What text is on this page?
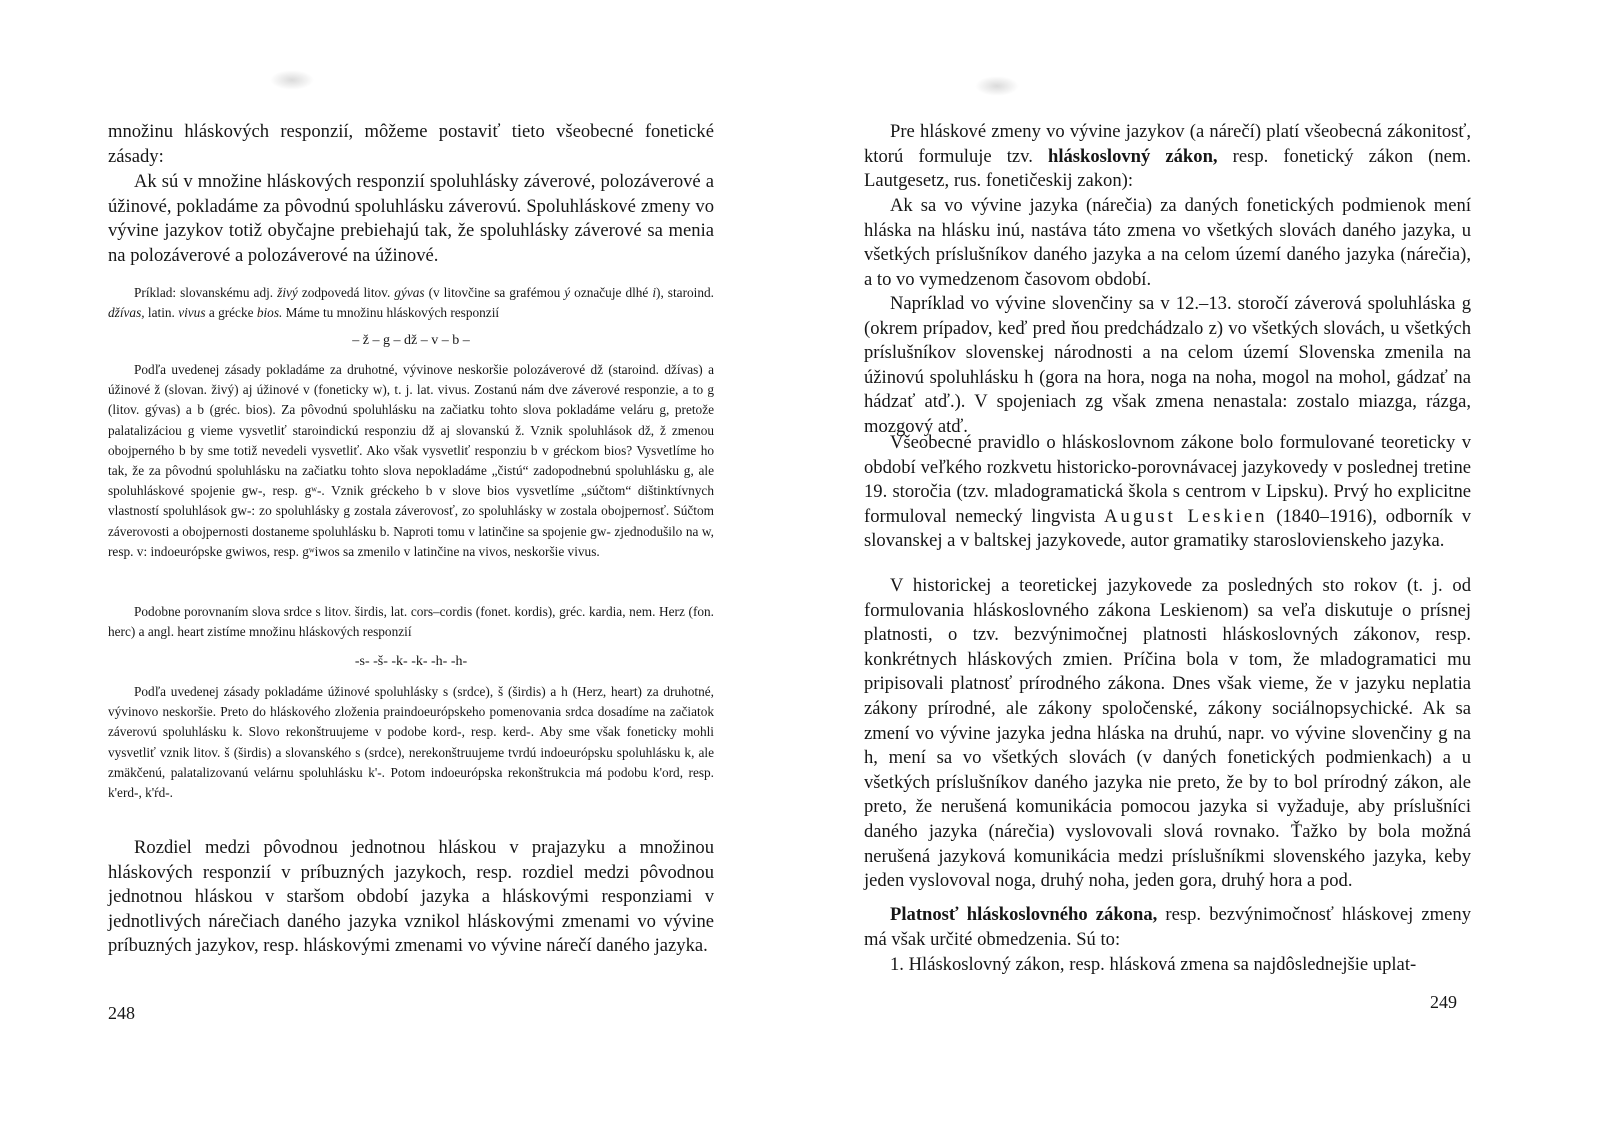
množinu hláskových responzií, môžeme postaviť tieto všeobecné fonetické zásady:

Ak sú v množine hláskových responzií spoluhlásky záverové, polozáverové a úžinové, pokladáme za pôvodnú spoluhlásku záverovú. Spoluhláskové zmeny vo vývine jazykov totiž obyčajne prebiehajú tak, že spoluhlásky záverové sa menia na polozáverové a polozáverové na úžinové.

Príklad: slovanskému adj. živý zodpovedá litov. gývas (v litovčine sa grafémou ý označuje dlhé i), staroind. džívas, latin. vivus a grécke bios. Máme tu množinu hláskových responzií

– ž – g – dž – v – b –

Podľa uvedenej zásady pokladáme za druhotné, vývinove neskoršie polozáverové dž (staroind. džívas) a úžinové ž (slovan. živý) aj úžinové v (foneticky w), t. j. lat. vivus. Zostanú nám dve záverové responzie, a to g (litov. gývas) a b (gréc. bios). Za pôvodnú spoluhlásku na začiatku tohto slova pokladáme veláru g, pretože palatalizáciou g vieme vysvetliť staroindickú responziu dž aj slovanskú ž. Vznik spoluhlások dž, ž zmenou obojperného b by sme totiž nevedeli vysvetliť. Ako však vysvetliť responziu b v gréckom bios? Vysvetlíme ho tak, že za pôvodnú spoluhlásku na začiatku tohto slova nepokladáme „čistú“ zadopodnebnú spoluhlásku g, ale spoluhláskové spojenie gw-, resp. gʷ-. Vznik gréckeho b v slove bios vysvetlíme „súčtom“ dištinktívnych vlastností spoluhlások gw-: zo spoluhlásky g zostala záverovosť, zo spoluhlásky w zostala obojpernosť. Súčtom záverovosti a obojpernosti dostaneme spoluhlásku b. Naproti tomu v latinčine sa spojenie gw- zjednodušilo na w, resp. v: indoeurópske gwiwos, resp. gʷiwos sa zmenilo v latinčine na vivos, neskoršie vivus.

Podobne porovnaním slova srdce s litov. širdis, lat. cors–cordis (fonet. kordis), gréc. kardia, nem. Herz (fon. herc) a angl. heart zistíme množinu hláskových responzií

-s- -š- -k- -k- -h- -h-

Podľa uvedenej zásady pokladáme úžinové spoluhlásky s (srdce), š (širdis) a h (Herz, heart) za druhotné, vývinovo neskoršie. Preto do hláskového zloženia praindoeurópskeho pomenovania srdca dosadíme na začiatok záverovú spoluhlásku k. Slovo rekonštruujeme v podobe kord-, resp. kerd-. Aby sme však foneticky mohli vysvetliť vznik litov. š (širdis) a slovanského s (srdce), nerekonštruujeme tvrdú indoeurópsku spoluhlásku k, ale zmäkčenú, palatalizovanú velárnu spoluhlásku k'-. Potom indoeurópska rekonštrukcia má podobu k'ord, resp. k'erd-, k'ŕd-.

Rozdiel medzi pôvodnou jednotnou hláskou v prajazyku a množinou hláskových responzií v príbuzných jazykoch, resp. rozdiel medzi pôvodnou jednotnou hláskou v staršom období jazyka a hláskovými responziami v jednotlivých nárečiach daného jazyka vznikol hláskovými zmenami vo vývine príbuzných jazykov, resp. hláskovými zmenami vo vývine nárečí daného jazyka.

248

Pre hláskové zmeny vo vývine jazykov (a nárečí) platí všeobecná zákonitosť, ktorú formuluje tzv. hláskoslovný zákon, resp. fonetický zákon (nem. Lautgesetz, rus. fonetičeskij zakon):

Ak sa vo vývine jazyka (nárečia) za daných fonetických podmienok mení hláska na hlásku inú, nastáva táto zmena vo všetkých slovách daného jazyka, u všetkých príslušníkov daného jazyka a na celom území daného jazyka (nárečia), a to vo vymedzenom časovom období.

Napríklad vo vývine slovenčiny sa v 12.–13. storočí záverová spoluhláska g (okrem prípadov, keď pred ňou predchádzalo z) vo všetkých slovách, u všetkých príslušníkov slovenskej národnosti a na celom území Slovenska zmenila na úžinovú spoluhlásku h (gora na hora, noga na noha, mogol na mohol, gádzať na hádzať atď.). V spojeniach zg však zmena nenastala: zostalo miazga, rázga, mozgový atď.

Všeobecné pravidlo o hláskoslovnom zákone bolo formulované teoreticky v období veľkého rozkvetu historicko-porovnávacej jazykovedy v poslednej tretine 19. storočia (tzv. mladogramatická škola s centrom v Lipsku). Prvý ho explicitne formuloval nemecký lingvista August Leskien (1840–1916), odborník v slovanskej a v baltskej jazykovede, autor gramatiky staroslovienskeho jazyka.

V historickej a teoretickej jazykovede za posledných sto rokov (t. j. od formulovania hláskoslovného zákona Leskienom) sa veľa diskutuje o prísnej platnosti, o tzv. bezvýnimočnej platnosti hláskoslovných zákonov, resp. konkrétnych hláskových zmien. Príčina bola v tom, že mladogramatici mu pripisovali platnosť prírodného zákona. Dnes však vieme, že v jazyku neplatia zákony prírodné, ale zákony spoločenské, zákony sociálnopsychické. Ak sa zmení vo vývine jazyka jedna hláska na druhú, napr. vo vývine slovenčiny g na h, mení sa vo všetkých slovách (v daných fonetických podmienkach) a u všetkých príslušníkov daného jazyka nie preto, že by to bol prírodný zákon, ale preto, že nerušená komunikácia pomocou jazyka si vyžaduje, aby príslušníci daného jazyka (nárečia) vyslovovali slová rovnako. Ťažko by bola možná nerušená jazyková komunikácia medzi príslušníkmi slovenského jazyka, keby jeden vyslovoval noga, druhý noha, jeden gora, druhý hora a pod.

Platnosť hláskoslovného zákona, resp. bezvýnimočnosť hláskovej zmeny má však určité obmedzenia. Sú to:

1. Hláskoslovný zákon, resp. hlásková zmena sa najdôslednejšie uplat-

249
